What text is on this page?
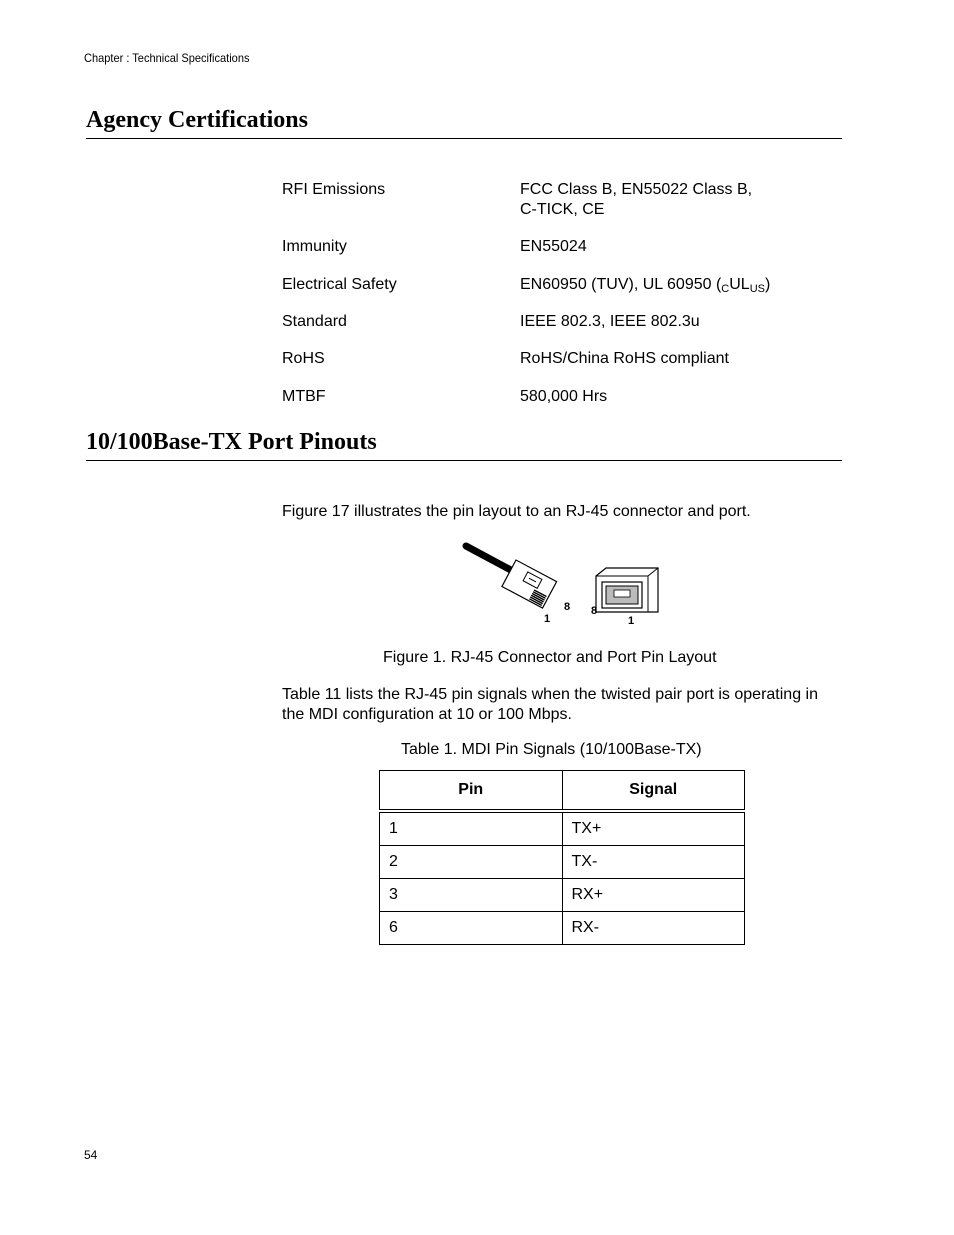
Chapter : Technical Specifications
Agency Certifications
RFI Emissions	FCC Class B, EN55022 Class B,
C-TICK, CE
Immunity	EN55024
Electrical Safety	EN60950 (TUV), UL 60950 $(_CUL_{US})$
Standard	IEEE 802.3, IEEE 802.3u
RoHS	RoHS/China RoHS compliant
MTBF	580,000 Hrs
10/100Base-TX Port Pinouts

Figure 17 illustrates the pin layout to an RJ-45 connector and port.

1
8 8
1

Figure 1. RJ-45 Connector and Port Pin Layout

Table 11 lists the RJ-45 pin signals when the twisted pair port is operating in the MDI configuration at 10 or 100 Mbps.

Table 1. MDI Pin Signals (10/100Base-TX)

Pin	Signal
1	TX+
2	TX-
3	RX+
6	RX-
54
